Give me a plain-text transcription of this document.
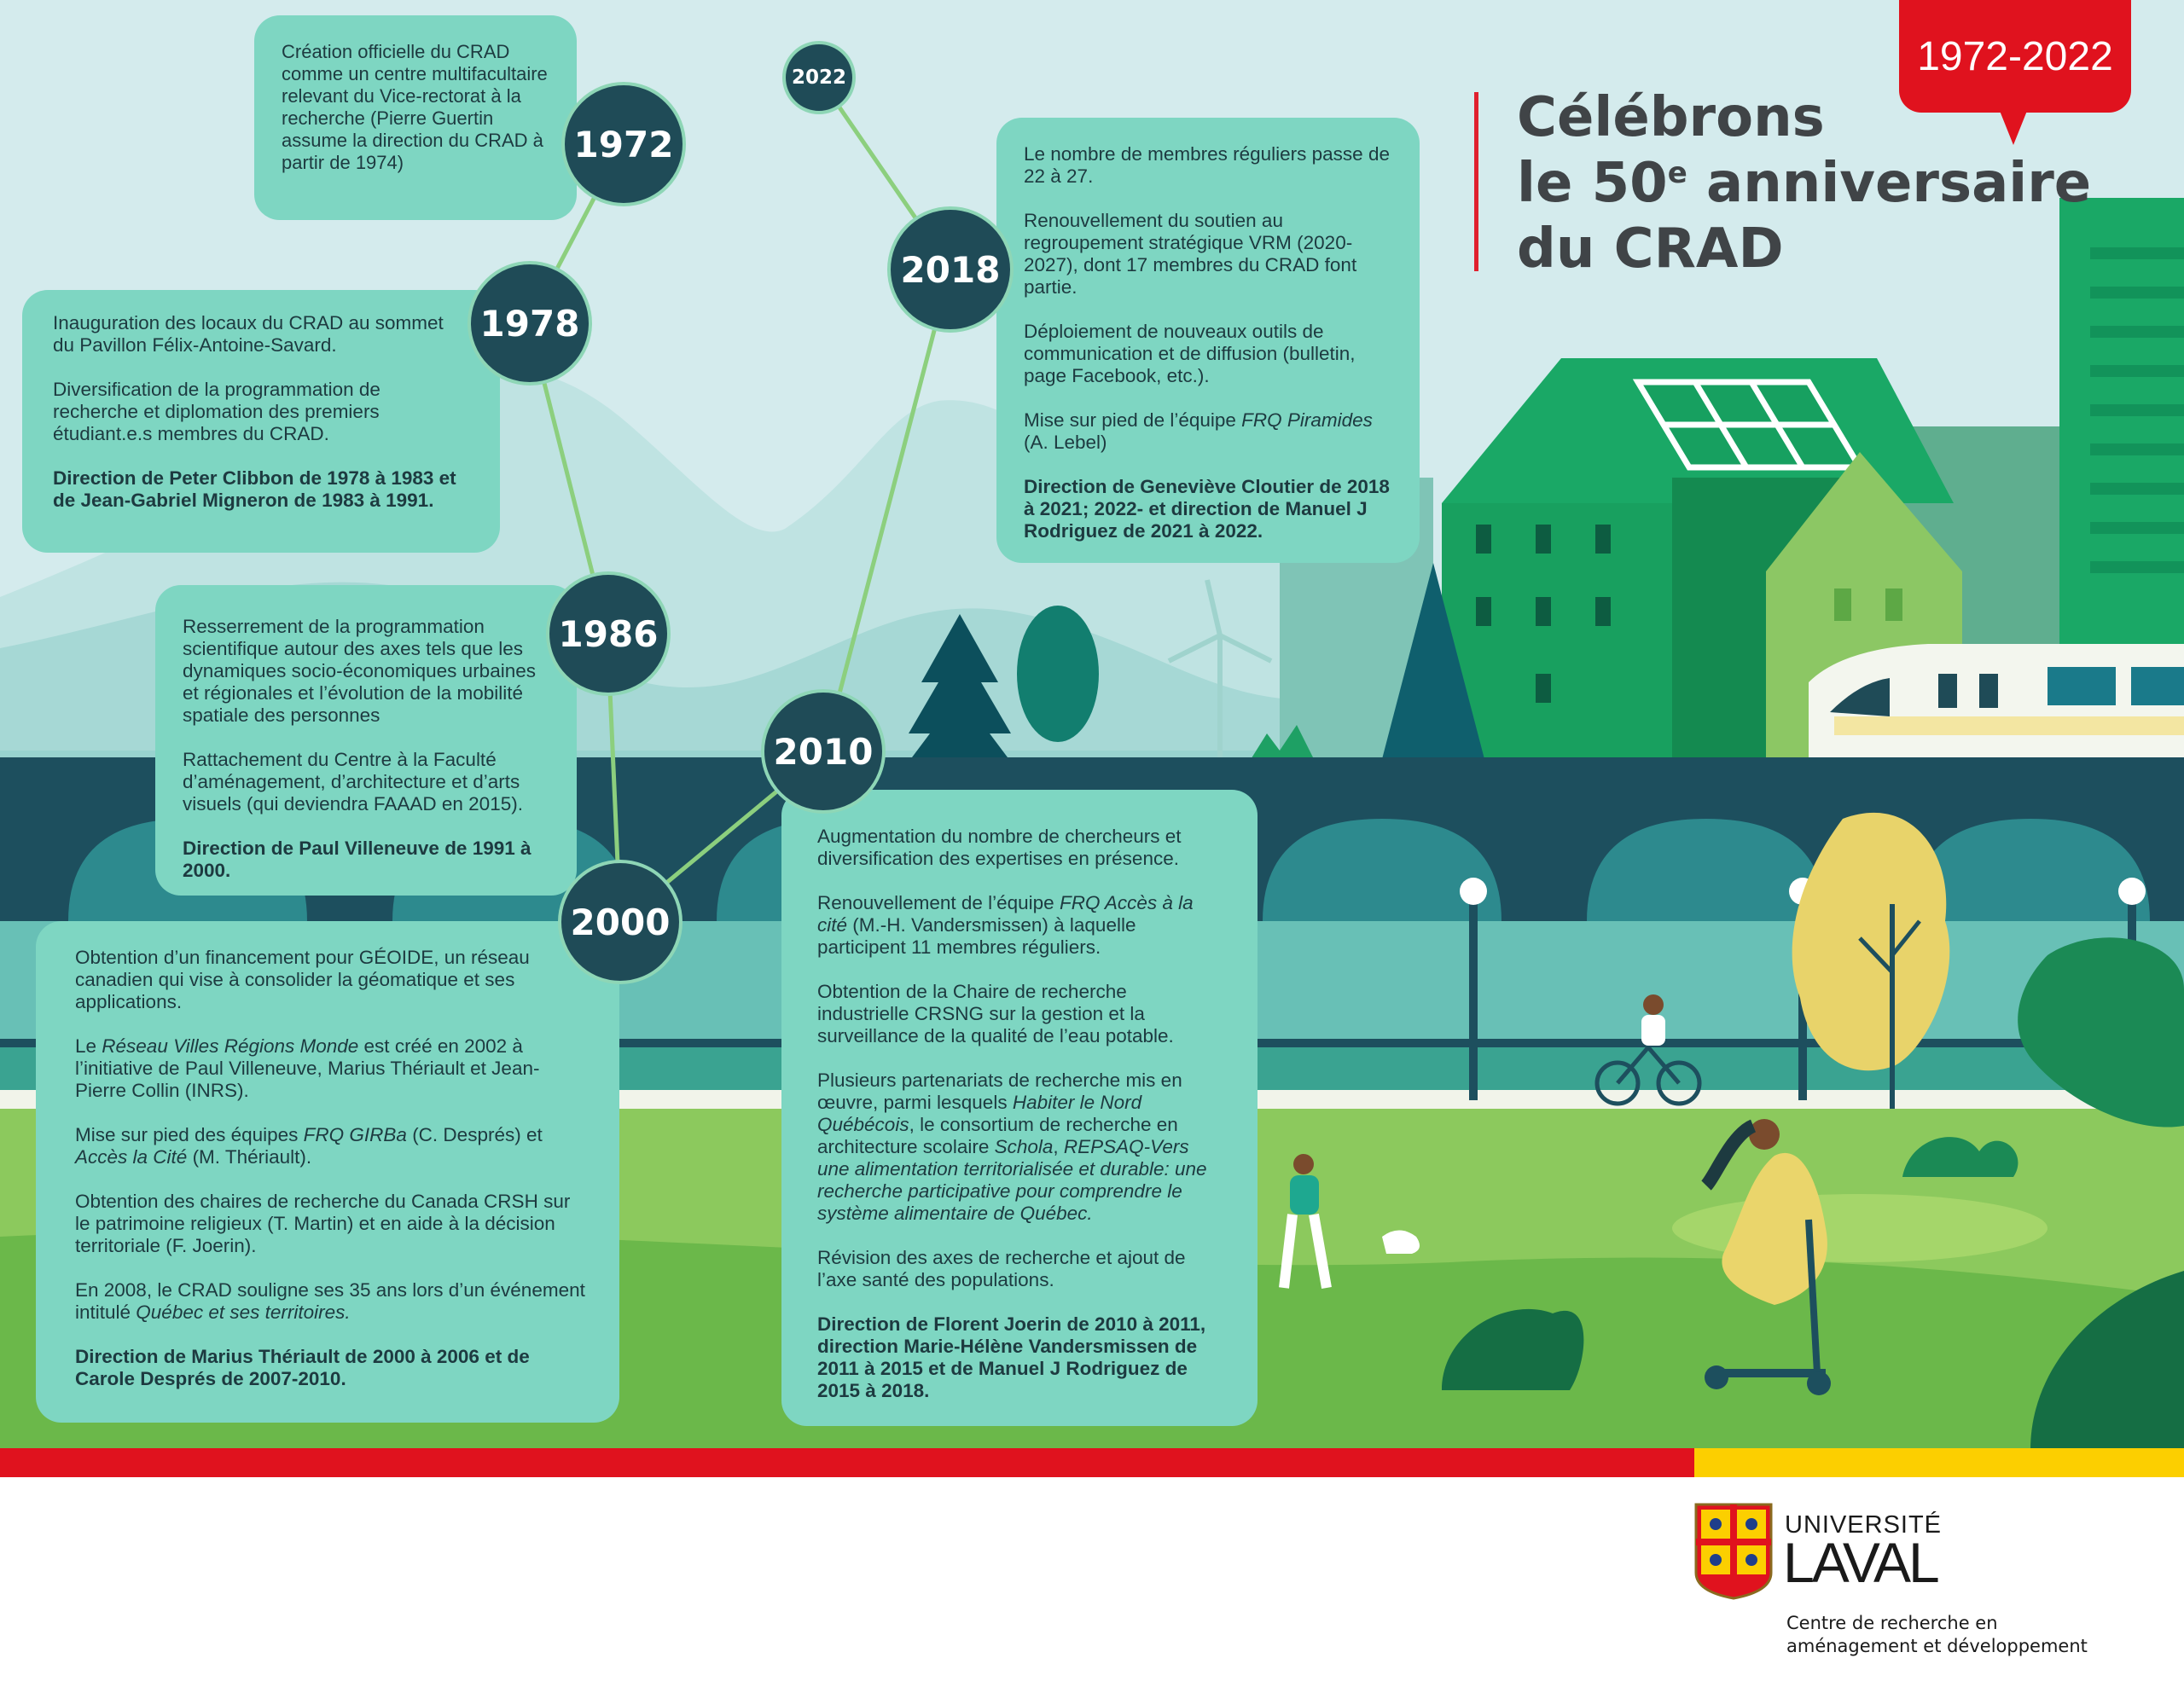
1972-2022
Célébrons
le 50e anniversaire
du CRAD

Création officielle du CRAD comme un centre multifacultaire relevant du Vice-rectorat à la recherche (Pierre Guertin assume la direction du CRAD à partir de 1974)

Inauguration des locaux du CRAD au sommet du Pavillon Félix-Antoine-Savard.

Diversification de la programmation de recherche et diplomation des premiers étudiant.e.s membres du CRAD.

Direction de Peter Clibbon de 1978 à 1983 et de Jean-Gabriel Migneron de 1983 à 1991.

Resserrement de la programmation scientifique autour des axes tels que les dynamiques socio-économiques urbaines et régionales et l’évolution de la mobilité spatiale des personnes

Rattachement du Centre à la Faculté d’aménagement, d’architecture et d’arts visuels (qui deviendra FAAAD en 2015).

Direction de Paul Villeneuve de 1991 à 2000.

Obtention d’un financement pour GÉOIDE, un réseau canadien qui vise à consolider la géomatique et ses applications.

Le Réseau Villes Régions Monde est créé en 2002 à l’initiative de Paul Villeneuve, Marius Thériault et Jean-Pierre Collin (INRS).

Mise sur pied des équipes FRQ GIRBa (C. Després) et Accès la Cité (M. Thériault).

Obtention des chaires de recherche du Canada CRSH sur le patrimoine religieux (T. Martin) et en aide à la décision territoriale (F. Joerin).

En 2008, le CRAD souligne ses 35 ans lors d’un événement intitulé Québec et ses territoires.

Direction de Marius Thériault de 2000 à 2006 et de Carole Després de 2007-2010.

Augmentation du nombre de chercheurs et diversification des expertises en présence.

Renouvellement de l’équipe FRQ Accès à la cité (M.-H. Vandersmissen) à laquelle participent 11 membres réguliers.

Obtention de la Chaire de recherche industrielle CRSNG sur la gestion et la surveillance de la qualité de l’eau potable.

Plusieurs partenariats de recherche mis en œuvre, parmi lesquels Habiter le Nord Québécois, le consortium de recherche en architecture scolaire Schola, REPSAQ-Vers une alimentation territorialisée et durable: une recherche participative pour comprendre le système alimentaire de Québec.

Révision des axes de recherche et ajout de l’axe santé des populations.

Direction de Florent Joerin de 2010 à 2011, direction Marie-Hélène Vandersmissen de 2011 à 2015 et de Manuel J Rodriguez de 2015 à 2018.

Le nombre de membres réguliers passe de 22 à 27.

Renouvellement du soutien au regroupement stratégique VRM (2020-2027), dont 17 membres du CRAD font partie.

Déploiement de nouveaux outils de communication et de diffusion (bulletin, page Facebook, etc.).

Mise sur pied de l’équipe FRQ Piramides (A. Lebel)

Direction de Geneviève Cloutier de 2018 à 2021; 2022- et direction de Manuel J Rodriguez de 2021 à 2022.

1972
1978
1986
2000
2010
2018
2022
UNIVERSITÉ
LAVAL
Centre de recherche en aménagement et développement
